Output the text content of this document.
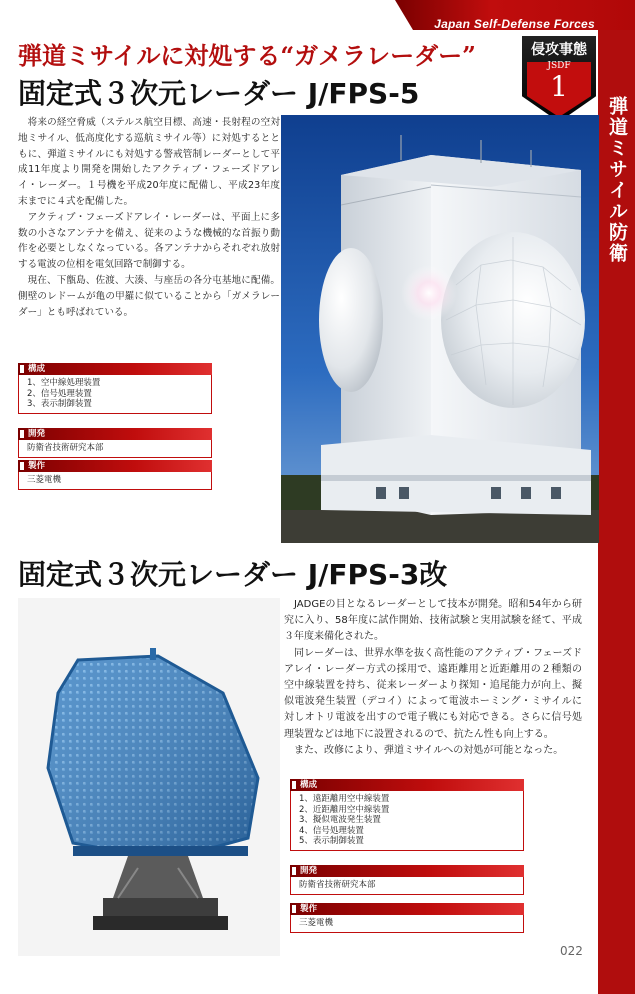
Japan Self-Defense Forces
弾道ミサイル防衛
侵攻事態
JSDF
1
弾道ミサイルに対処する“ガメラレーダー”
固定式３次元レーダー J/FPS-5

将来の経空脅威（ステルス航空目標、高速・長射程の空対地ミサイル、低高度化する巡航ミサイル等）に対処するとともに、弾道ミサイルにも対処する警戒管制レーダーとして平成11年度より開発を開始したアクティブ・フェーズドアレイ・レーダー。１号機を平成20年度に配備し、平成23年度末までに４式を配備した。

アクティブ・フェーズドアレイ・レーダーは、平面上に多数の小さなアンテナを備え、従来のような機械的な首振り動作を必要としなくなっている。各アンテナからそれぞれ放射する電波の位相を電気回路で制御する。

現在、下甑島、佐渡、大湊、与座岳の各分屯基地に配備。側壁のレドームが亀の甲羅に似ていることから「ガメラレーダー」とも呼ばれている。

構成
1、空中線処理装置
2、信号処理装置
3、表示制御装置
開発
防衛省技術研究本部
製作
三菱電機
固定式３次元レーダー J/FPS-3改

JADGEの目となるレーダーとして技本が開発。昭和54年から研究に入り、58年度に試作開始、技術試験と実用試験を経て、平成３年度来備化された。

同レーダーは、世界水準を抜く高性能のアクティブ・フェーズドアレイ・レーダー方式の採用で、遠距離用と近距離用の２種類の空中線装置を持ち、従来レーダーより探知・追尾能力が向上、擬似電波発生装置（デコイ）によって電波ホーミング・ミサイルに対しオトリ電波を出すので電子戦にも対応できる。さらに信号処理装置などは地下に設置されるので、抗たん性も向上する。

また、改修により、弾道ミサイルへの対処が可能となった。

構成
1、遠距離用空中線装置
2、近距離用空中線装置
3、擬似電波発生装置
4、信号処理装置
5、表示制御装置
開発
防衛省技術研究本部
製作
三菱電機
022
